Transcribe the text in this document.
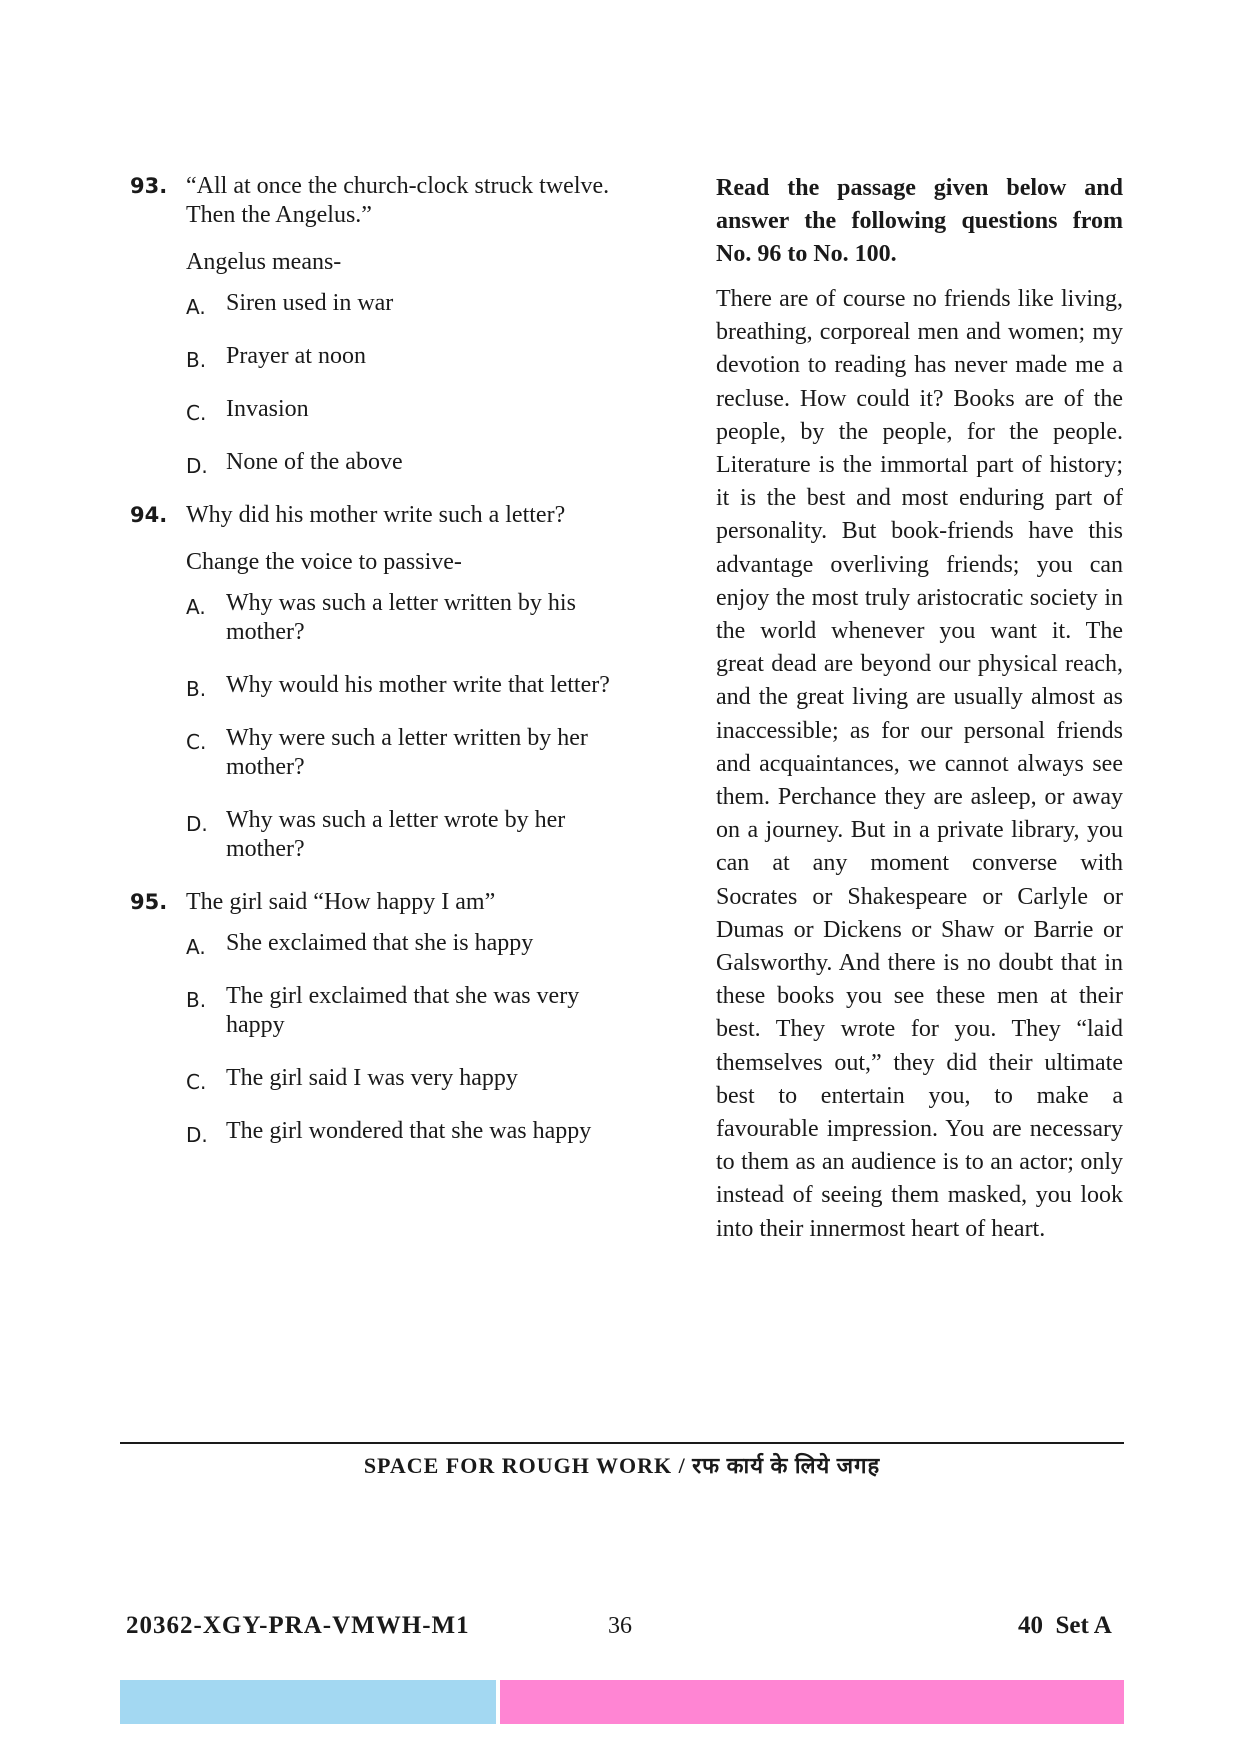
93. “All at once the church-clock struck twelve. Then the Angelus.”

Angelus means-

A. Siren used in war
B. Prayer at noon
C. Invasion
D. None of the above
94. Why did his mother write such a letter?

Change the voice to passive-

A. Why was such a letter written by his mother?
B. Why would his mother write that letter?
C. Why were such a letter written by her mother?
D. Why was such a letter wrote by her mother?
95. The girl said “How happy I am”

A. She exclaimed that she is happy
B. The girl exclaimed that she was very happy
C. The girl said I was very happy
D. The girl wondered that she was happy

Read the passage given below and answer the following questions from No. 96 to No. 100.

There are of course no friends like living, breathing, corporeal men and women; my devotion to reading has never made me a recluse. How could it? Books are of the people, by the people, for the people. Literature is the immortal part of history; it is the best and most enduring part of personality. But book-friends have this advantage overliving friends; you can enjoy the most truly aristocratic society in the world whenever you want it. The great dead are beyond our physical reach, and the great living are usually almost as inaccessible; as for our personal friends and acquaintances, we cannot always see them. Perchance they are asleep, or away on a journey. But in a private library, you can at any moment converse with Socrates or Shakespeare or Carlyle or Dumas or Dickens or Shaw or Barrie or Galsworthy. And there is no doubt that in these books you see these men at their best. They wrote for you. They “laid themselves out,” they did their ultimate best to entertain you, to make a favourable impression. You are necessary to them as an audience is to an actor; only instead of seeing them masked, you look into their innermost heart of heart.

SPACE FOR ROUGH WORK / रफ कार्य के लिये जगह
20362-XGY-PRA-VMWH-M1	36	40  Set A
